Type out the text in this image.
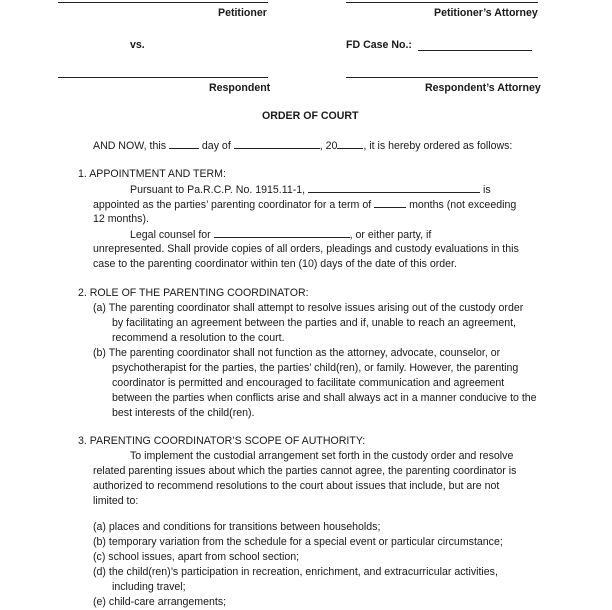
Petitioner	Petitioner’s Attorney
vs.	FD Case No.:
Respondent	Respondent’s Attorney
ORDER OF COURT
AND NOW, this	day of	, 20 , it is hereby ordered as follows:
1. APPOINTMENT AND TERM:
Pursuant to Pa.R.C.P. No. 1915.11-1,	is
appointed as the parties’ parenting coordinator for a term of	months (not exceeding
12 months).
Legal counsel for	, or either party, if
unrepresented. Shall provide copies of all orders, pleadings and custody evaluations in this
case to the parenting coordinator within ten (10) days of the date of this order.
2. ROLE OF THE PARENTING COORDINATOR:
(a) The parenting coordinator shall attempt to resolve issues arising out of the custody order
by facilitating an agreement between the parties and if, unable to reach an agreement,
recommend a resolution to the court.
(b) The parenting coordinator shall not function as the attorney, advocate, counselor, or
psychotherapist for the parties, the parties’ child(ren), or family. However, the parenting
coordinator is permitted and encouraged to facilitate communication and agreement
between the parties when conflicts arise and shall always act in a manner conducive to the
best interests of the child(ren).
3. PARENTING COORDINATOR’S SCOPE OF AUTHORITY:
To implement the custodial arrangement set forth in the custody order and resolve
related parenting issues about which the parties cannot agree, the parenting coordinator is
authorized to recommend resolutions to the court about issues that include, but are not
limited to:
(a) places and conditions for transitions between households;
(b) temporary variation from the schedule for a special event or particular circumstance;
(c) school issues, apart from school section;
(d) the child(ren)’s participation in recreation, enrichment, and extracurricular activities,
including travel;
(e) child-care arrangements;
